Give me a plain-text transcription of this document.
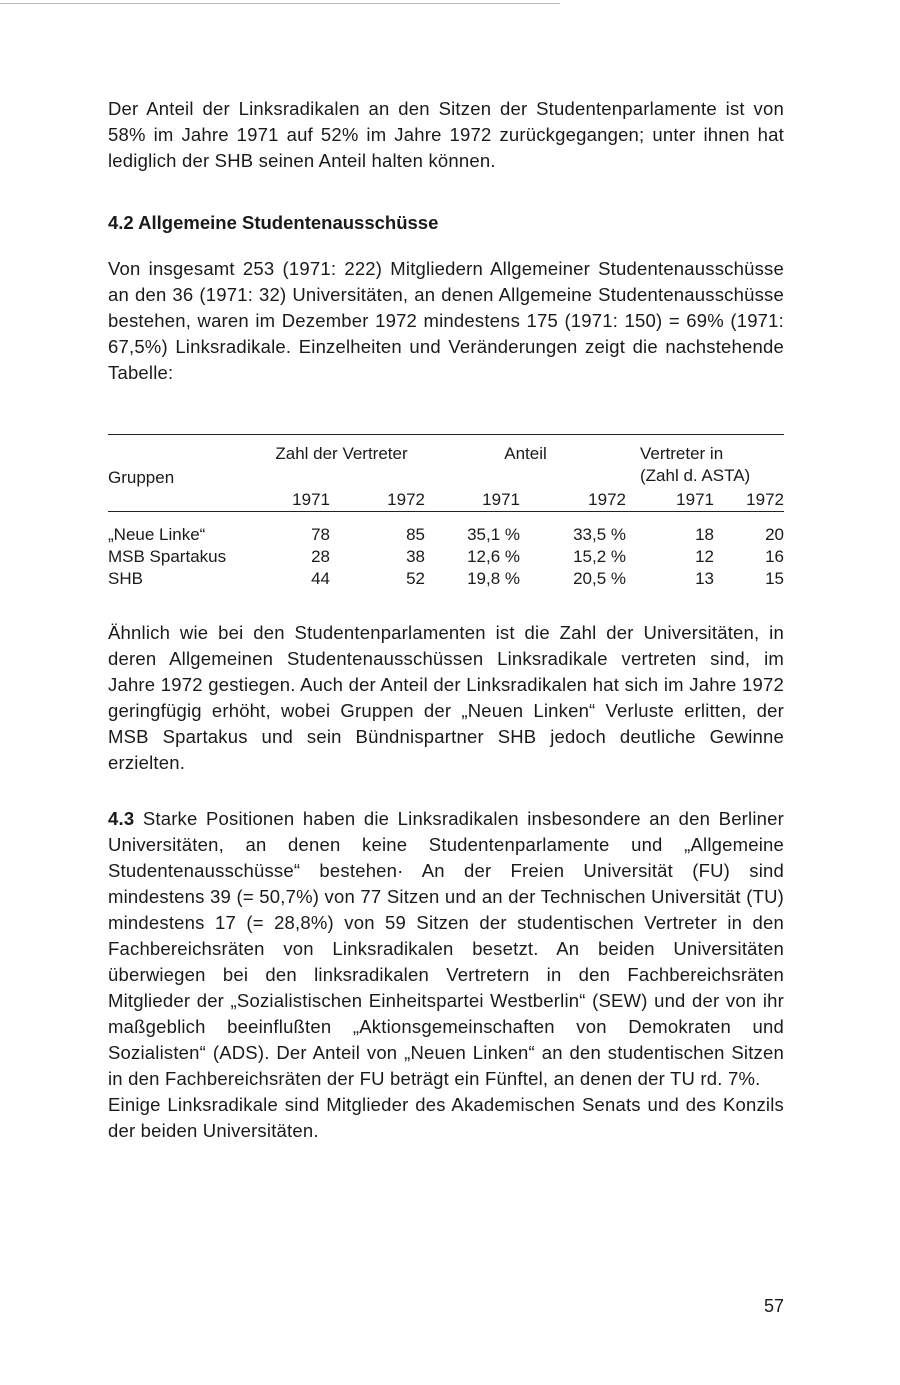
Der Anteil der Linksradikalen an den Sitzen der Studentenparlamente ist von 58% im Jahre 1971 auf 52% im Jahre 1972 zurückgegangen; unter ihnen hat lediglich der SHB seinen Anteil halten können.

4.2 Allgemeine Studentenausschüsse

Von insgesamt 253 (1971: 222) Mitgliedern Allgemeiner Studentenausschüsse an den 36 (1971: 32) Universitäten, an denen Allgemeine Studentenausschüsse bestehen, waren im Dezember 1972 mindestens 175 (1971: 150) = 69% (1971: 67,5%) Linksradikale. Einzelheiten und Veränderungen zeigt die nachstehende Tabelle:

Gruppen	Zahl der Vertreter		Anteil		Vertreter in
(Zahl d. ASTA)	
	1971	1972	1971	1972	1971	1972

„Neue Linke“	78	85	35,1 %	33,5 %	18	20
MSB Spartakus	28	38	12,6 %	15,2 %	12	16
SHB	44	52	19,8 %	20,5 %	13	15

Ähnlich wie bei den Studentenparlamenten ist die Zahl der Universitäten, in deren Allgemeinen Studentenausschüssen Linksradikale vertreten sind, im Jahre 1972 gestiegen. Auch der Anteil der Linksradikalen hat sich im Jahre 1972 geringfügig erhöht, wobei Gruppen der „Neuen Linken“ Verluste erlitten, der MSB Spartakus und sein Bündnispartner SHB jedoch deutliche Gewinne erzielten.

4.3 Starke Positionen haben die Linksradikalen insbesondere an den Berliner Universitäten, an denen keine Studentenparlamente und „Allgemeine Studentenausschüsse“ bestehen· An der Freien Universität (FU) sind mindestens 39 (= 50,7%) von 77 Sitzen und an der Technischen Universität (TU) mindestens 17 (= 28,8%) von 59 Sitzen der studentischen Vertreter in den Fachbereichsräten von Linksradikalen besetzt. An beiden Universitäten überwiegen bei den linksradikalen Vertretern in den Fachbereichsräten Mitglieder der „Sozialistischen Einheitspartei Westberlin“ (SEW) und der von ihr maßgeblich beeinflußten „Aktionsgemeinschaften von Demokraten und Sozialisten“ (ADS). Der Anteil von „Neuen Linken“ an den studentischen Sitzen in den Fachbereichsräten der FU beträgt ein Fünftel, an denen der TU rd. 7%.

Einige Linksradikale sind Mitglieder des Akademischen Senats und des Konzils der beiden Universitäten.

57
